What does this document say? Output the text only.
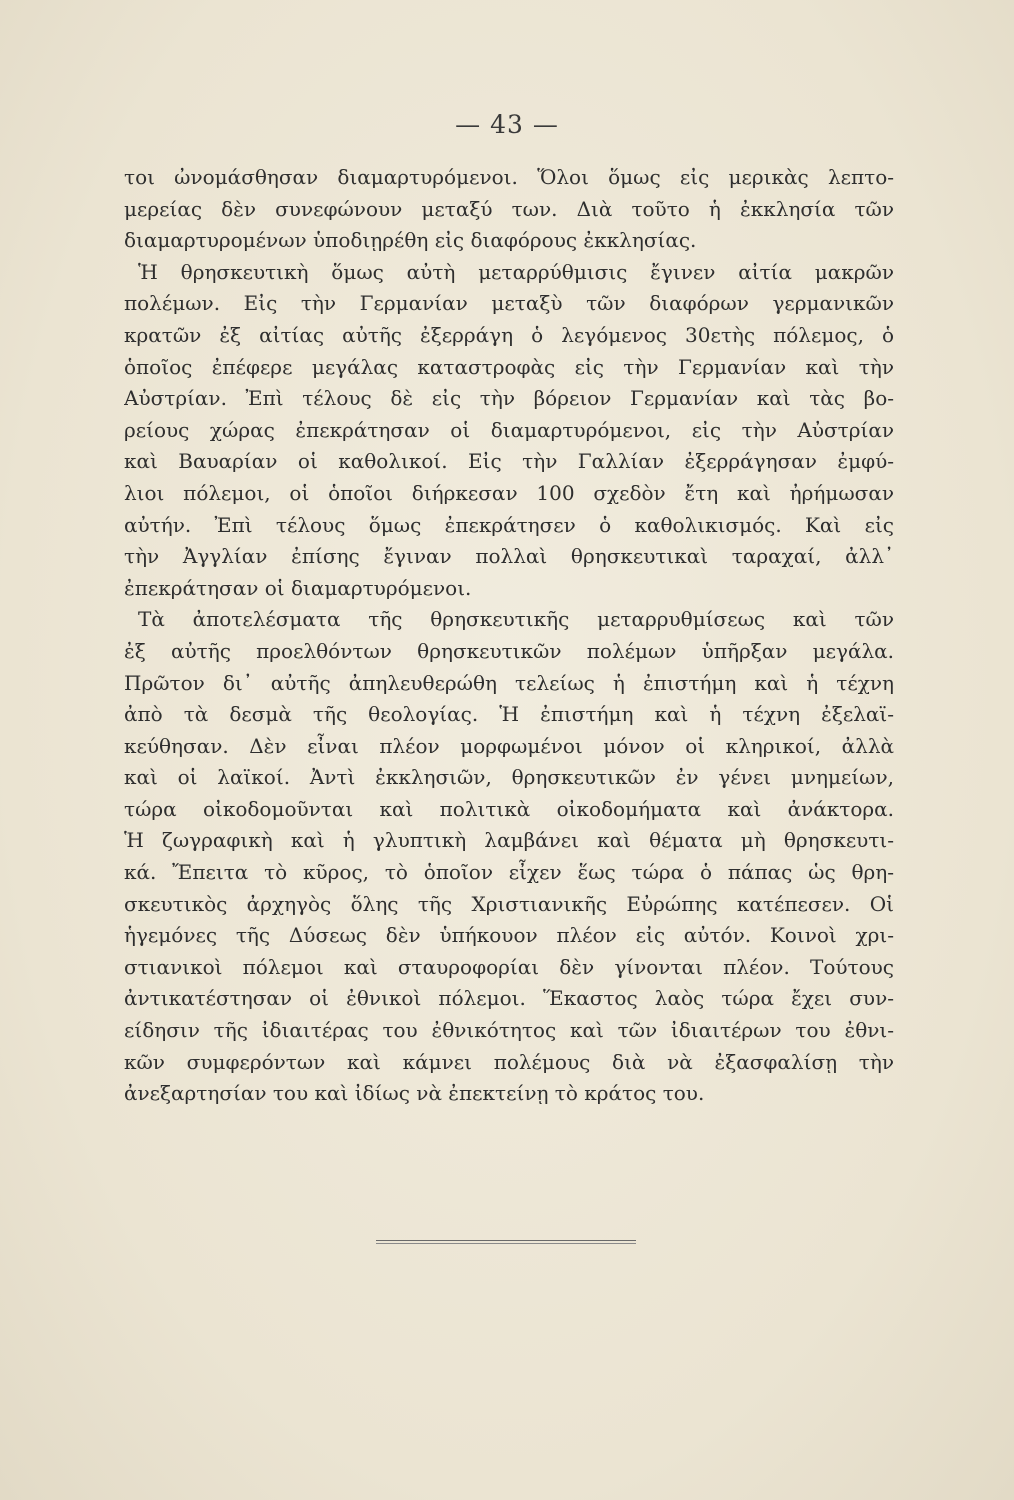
— 43 —
τοι ὠνομάσθησαν διαμαρτυρόμενοι. Ὅλοι ὅμως εἰς μερικὰς λεπτο-
μερείας δὲν συνεφώνουν μεταξύ των. Διὰ τοῦτο ἡ ἐκκλησία τῶν
διαμαρτυρομένων ὑποδιῃρέθη εἰς διαφόρους ἐκκλησίας.
Ἡ θρησκευτικὴ ὅμως αὐτὴ μεταρρύθμισις ἔγινεν αἰτία μακρῶν
πολέμων. Εἰς τὴν Γερμανίαν μεταξὺ τῶν διαφόρων γερμανικῶν
κρατῶν ἐξ αἰτίας αὐτῆς ἐξερράγη ὁ λεγόμενος 30ετὴς πόλεμος, ὁ
ὁποῖος ἐπέφερε μεγάλας καταστροφὰς εἰς τὴν Γερμανίαν καὶ τὴν
Αὐστρίαν. Ἐπὶ τέλους δὲ εἰς τὴν βόρειον Γερμανίαν καὶ τὰς βο-
ρείους χώρας ἐπεκράτησαν οἱ διαμαρτυρόμενοι, εἰς τὴν Αὐστρίαν
καὶ Βαυαρίαν οἱ καθολικοί. Εἰς τὴν Γαλλίαν ἐξερράγησαν ἐμφύ-
λιοι πόλεμοι, οἱ ὁποῖοι διήρκεσαν 100 σχεδὸν ἔτη καὶ ἠρήμωσαν
αὐτήν. Ἐπὶ τέλους ὅμως ἐπεκράτησεν ὁ καθολικισμός. Καὶ εἰς
τὴν Ἀγγλίαν ἐπίσης ἔγιναν πολλαὶ θρησκευτικαὶ ταραχαί, ἀλλ᾽
ἐπεκράτησαν οἱ διαμαρτυρόμενοι.
Τὰ ἀποτελέσματα τῆς θρησκευτικῆς μεταρρυθμίσεως καὶ τῶν
ἐξ αὐτῆς προελθόντων θρησκευτικῶν πολέμων ὑπῆρξαν μεγάλα.
Πρῶτον δι᾽ αὐτῆς ἀπηλευθερώθη τελείως ἡ ἐπιστήμη καὶ ἡ τέχνη
ἀπὸ τὰ δεσμὰ τῆς θεολογίας. Ἡ ἐπιστήμη καὶ ἡ τέχνη ἐξελαϊ-
κεύθησαν. Δὲν εἶναι πλέον μορφωμένοι μόνον οἱ κληρικοί, ἀλλὰ
καὶ οἱ λαϊκοί. Ἀντὶ ἐκκλησιῶν, θρησκευτικῶν ἐν γένει μνημείων,
τώρα οἰκοδομοῦνται καὶ πολιτικὰ οἰκοδομήματα καὶ ἀνάκτορα.
Ἡ ζωγραφικὴ καὶ ἡ γλυπτικὴ λαμβάνει καὶ θέματα μὴ θρησκευτι-
κά. Ἔπειτα τὸ κῦρος, τὸ ὁποῖον εἶχεν ἕως τώρα ὁ πάπας ὡς θρη-
σκευτικὸς ἀρχηγὸς ὅλης τῆς Χριστιανικῆς Εὐρώπης κατέπεσεν. Οἱ
ἡγεμόνες τῆς Δύσεως δὲν ὑπήκουον πλέον εἰς αὐτόν. Κοινοὶ χρι-
στιανικοὶ πόλεμοι καὶ σταυροφορίαι δὲν γίνονται πλέον. Τούτους
ἀντικατέστησαν οἱ ἐθνικοὶ πόλεμοι. Ἕκαστος λαὸς τώρα ἔχει συν-
είδησιν τῆς ἰδιαιτέρας του ἐθνικότητος καὶ τῶν ἰδιαιτέρων του ἐθνι-
κῶν συμφερόντων καὶ κάμνει πολέμους διὰ νὰ ἐξασφαλίσῃ τὴν
ἀνεξαρτησίαν του καὶ ἰδίως νὰ ἐπεκτείνῃ τὸ κράτος του.
